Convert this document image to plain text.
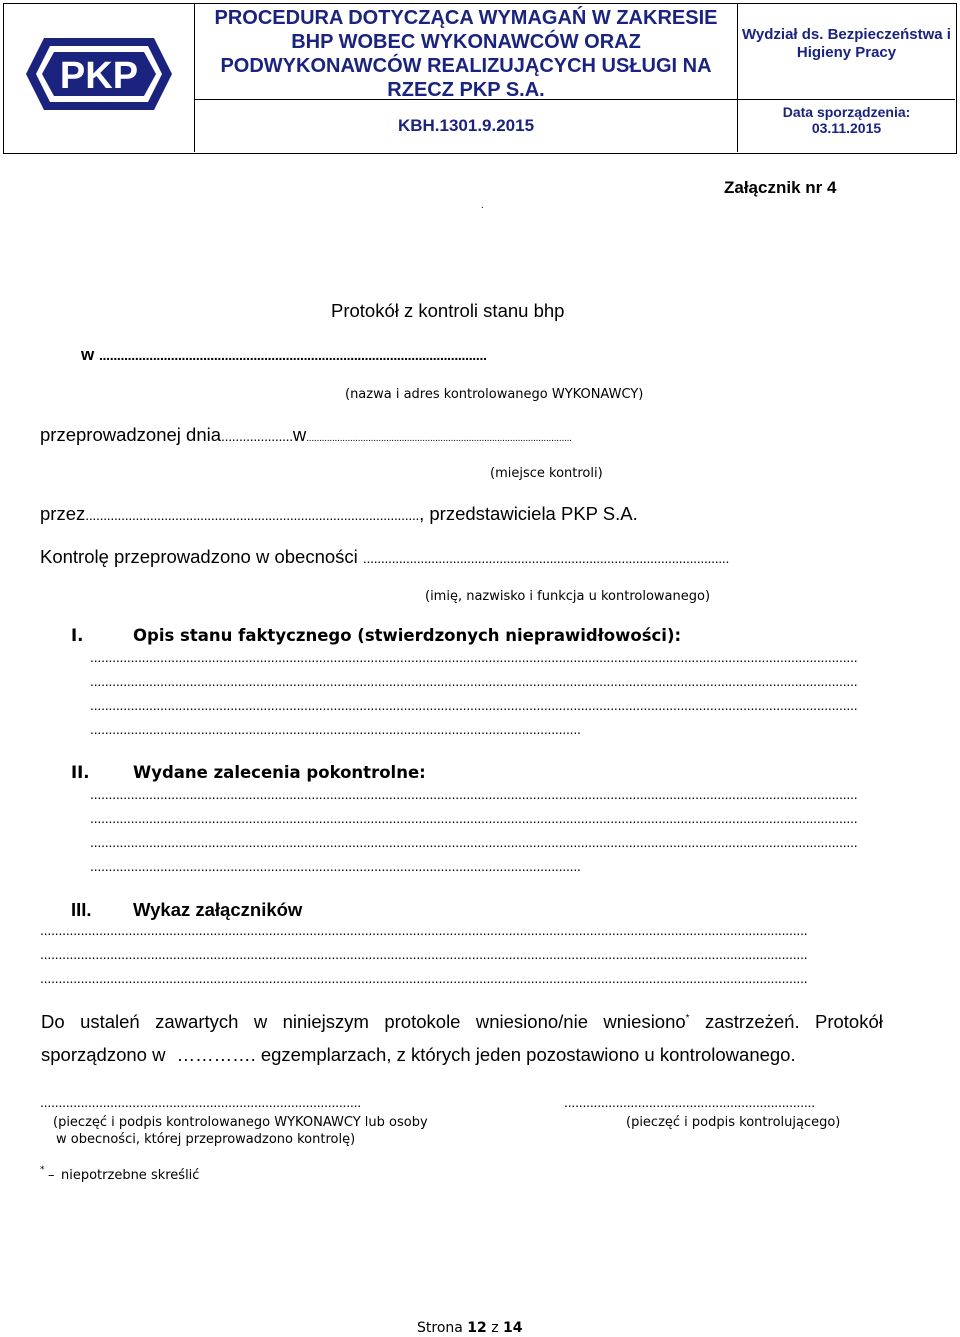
PKP
PROCEDURA DOTYCZĄCA WYMAGAŃ W ZAKRESIE BHP WOBEC WYKONAWCÓW ORAZ PODWYKONAWCÓW REALIZUJĄCYCH USŁUGI NA RZECZ PKP S.A.
KBH.1301.9.2015
Wydział ds. Bezpieczeństwa i Higieny Pracy
Data sporządzenia:
03.11.2015
Załącznik nr 4
.
Protokół z kontroli stanu bhp
w ............................................................................................................
(nazwa i adres kontrolowanego WYKONAWCY)
przeprowadzonej dnia....................w.......................................................................................................
(miejsce kontroli)
przez............................................................................................., przedstawiciela PKP S.A.
Kontrolę przeprowadzono w obecności ......................................................................................................
(imię, nazwisko i funkcja u kontrolowanego)
I.	Opis stanu faktycznego (stwierdzonych nieprawidłowości):
................................................................................................................................................................................................................
................................................................................................................................................................................................................
................................................................................................................................................................................................................
.....................................................................................................................................
II.	Wydane zalecenia pokontrolne:
................................................................................................................................................................................................................
................................................................................................................................................................................................................
................................................................................................................................................................................................................
.....................................................................................................................................
III. Wykaz załączników
................................................................................................................................................................................................................
................................................................................................................................................................................................................
................................................................................................................................................................................................................
Do ustaleń zawartych w niniejszym protokole wniesiono/nie wniesiono* zastrzeżeń. Protokół
sporządzono w …………. egzemplarzach, z których jeden pozostawiono u kontrolowanego.
.......................................................................................
(pieczęć i podpis kontrolowanego WYKONAWCY lub osoby
w obecności, której przeprowadzono kontrolę)
....................................................................
(pieczęć i podpis kontrolującego)
* – niepotrzebne skreślić
Strona 12 z 14
